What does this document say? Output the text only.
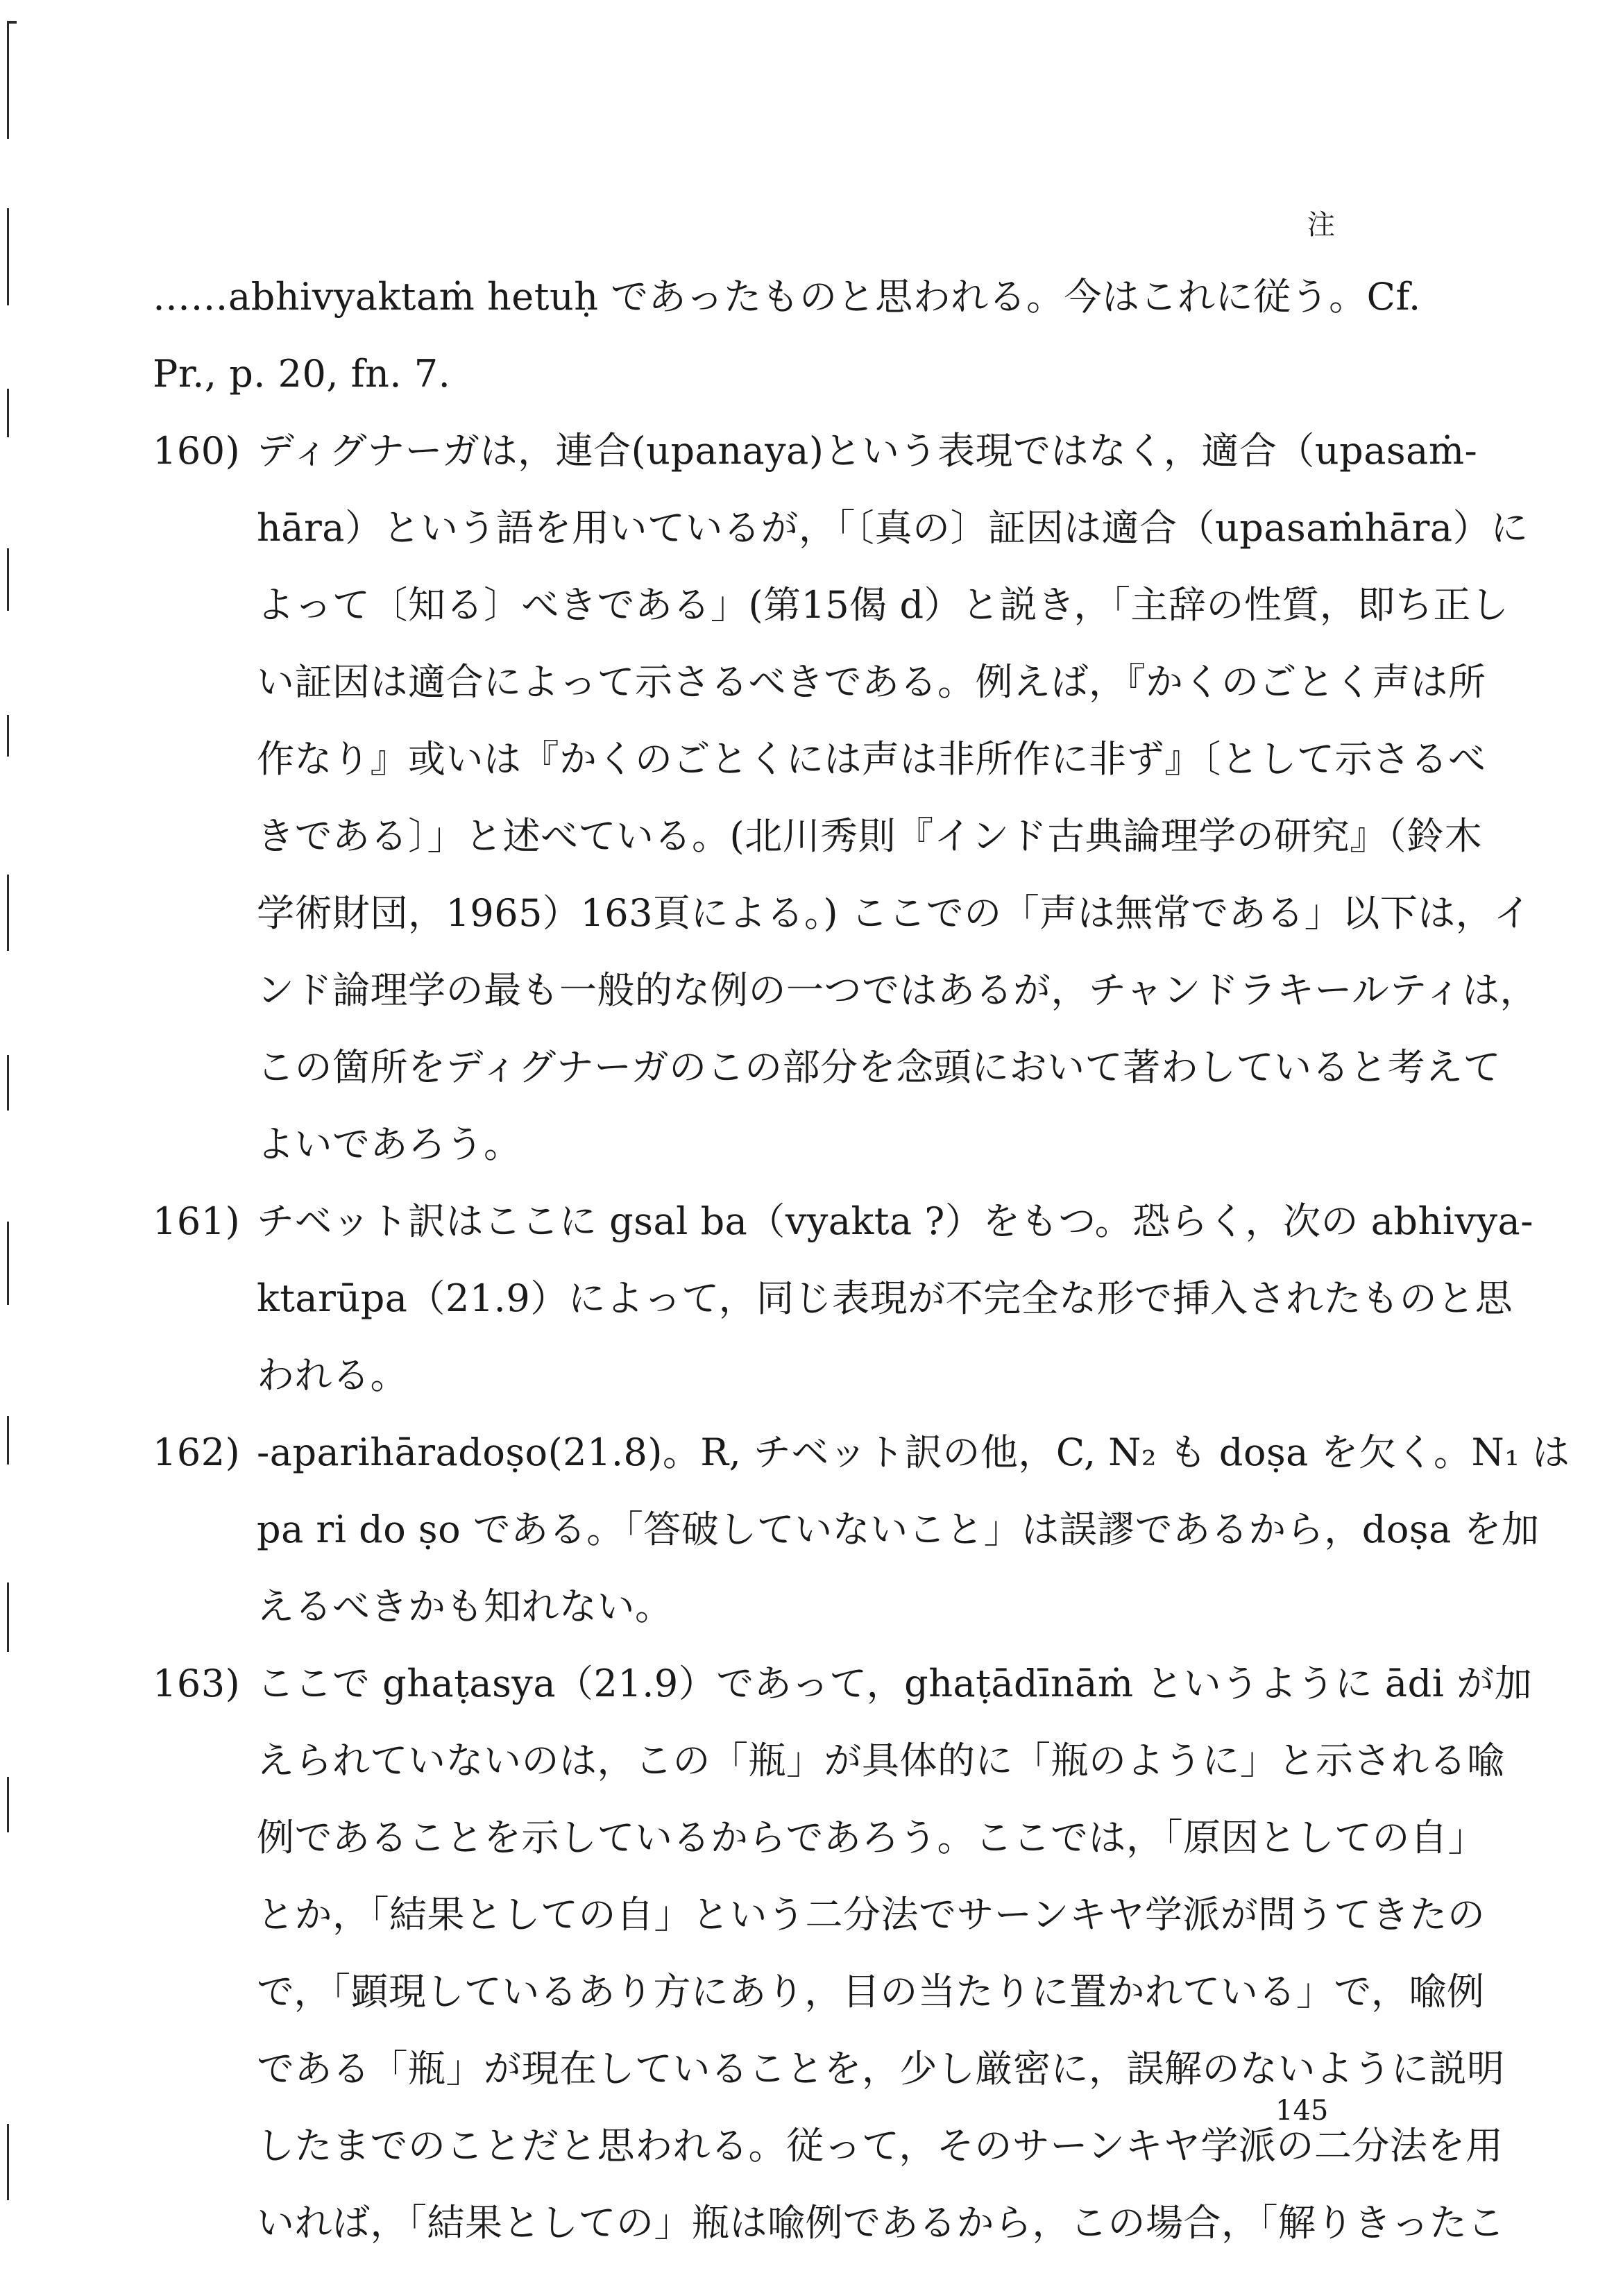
注
……abhivyaktaṁ hetuḥ であったものと思われる。今はこれに従う。Cf.
Pr., p. 20, fn. 7.
160) ディグナーガは，連合(upanaya)という表現ではなく，適合（upasaṁ-
hāra）という語を用いているが，「〔真の〕証因は適合（upasaṁhāra）に
よって〔知る〕べきである」(第15偈 d）と説き，「主辞の性質，即ち正し
い証因は適合によって示さるべきである。例えば，『かくのごとく声は所
作なり』或いは『かくのごとくには声は非所作に非ず』〔として示さるべ
きである〕」と述べている。(北川秀則『インド古典論理学の研究』（鈴木
学術財団，1965）163頁による。) ここでの「声は無常である」以下は，イ
ンド論理学の最も一般的な例の一つではあるが，チャンドラキールティは，
この箇所をディグナーガのこの部分を念頭において著わしていると考えて
よいであろう。
161) チベット訳はここに gsal ba（vyakta ?）をもつ。恐らく，次の abhivya-
ktarūpa（21.9）によって，同じ表現が不完全な形で挿入されたものと思
われる。
162) -aparihāradoṣo(21.8)。R, チベット訳の他，C, N₂ も doṣa を欠く。N₁ は
pa ri do ṣo である。「答破していないこと」は誤謬であるから，doṣa を加
えるべきかも知れない。
163) ここで ghaṭasya（21.9）であって，ghaṭādīnāṁ というように ādi が加
えられていないのは，この「瓶」が具体的に「瓶のように」と示される喩
例であることを示しているからであろう。ここでは，「原因としての自」
とか，「結果としての自」という二分法でサーンキヤ学派が問うてきたの
で，「顕現しているあり方にあり，目の当たりに置かれている」で，喩例
である「瓶」が現在していることを，少し厳密に，誤解のないように説明
したまでのことだと思われる。従って，そのサーンキヤ学派の二分法を用
いれば，「結果としての」瓶は喩例であるから，この場合，「解りきったこ
145
